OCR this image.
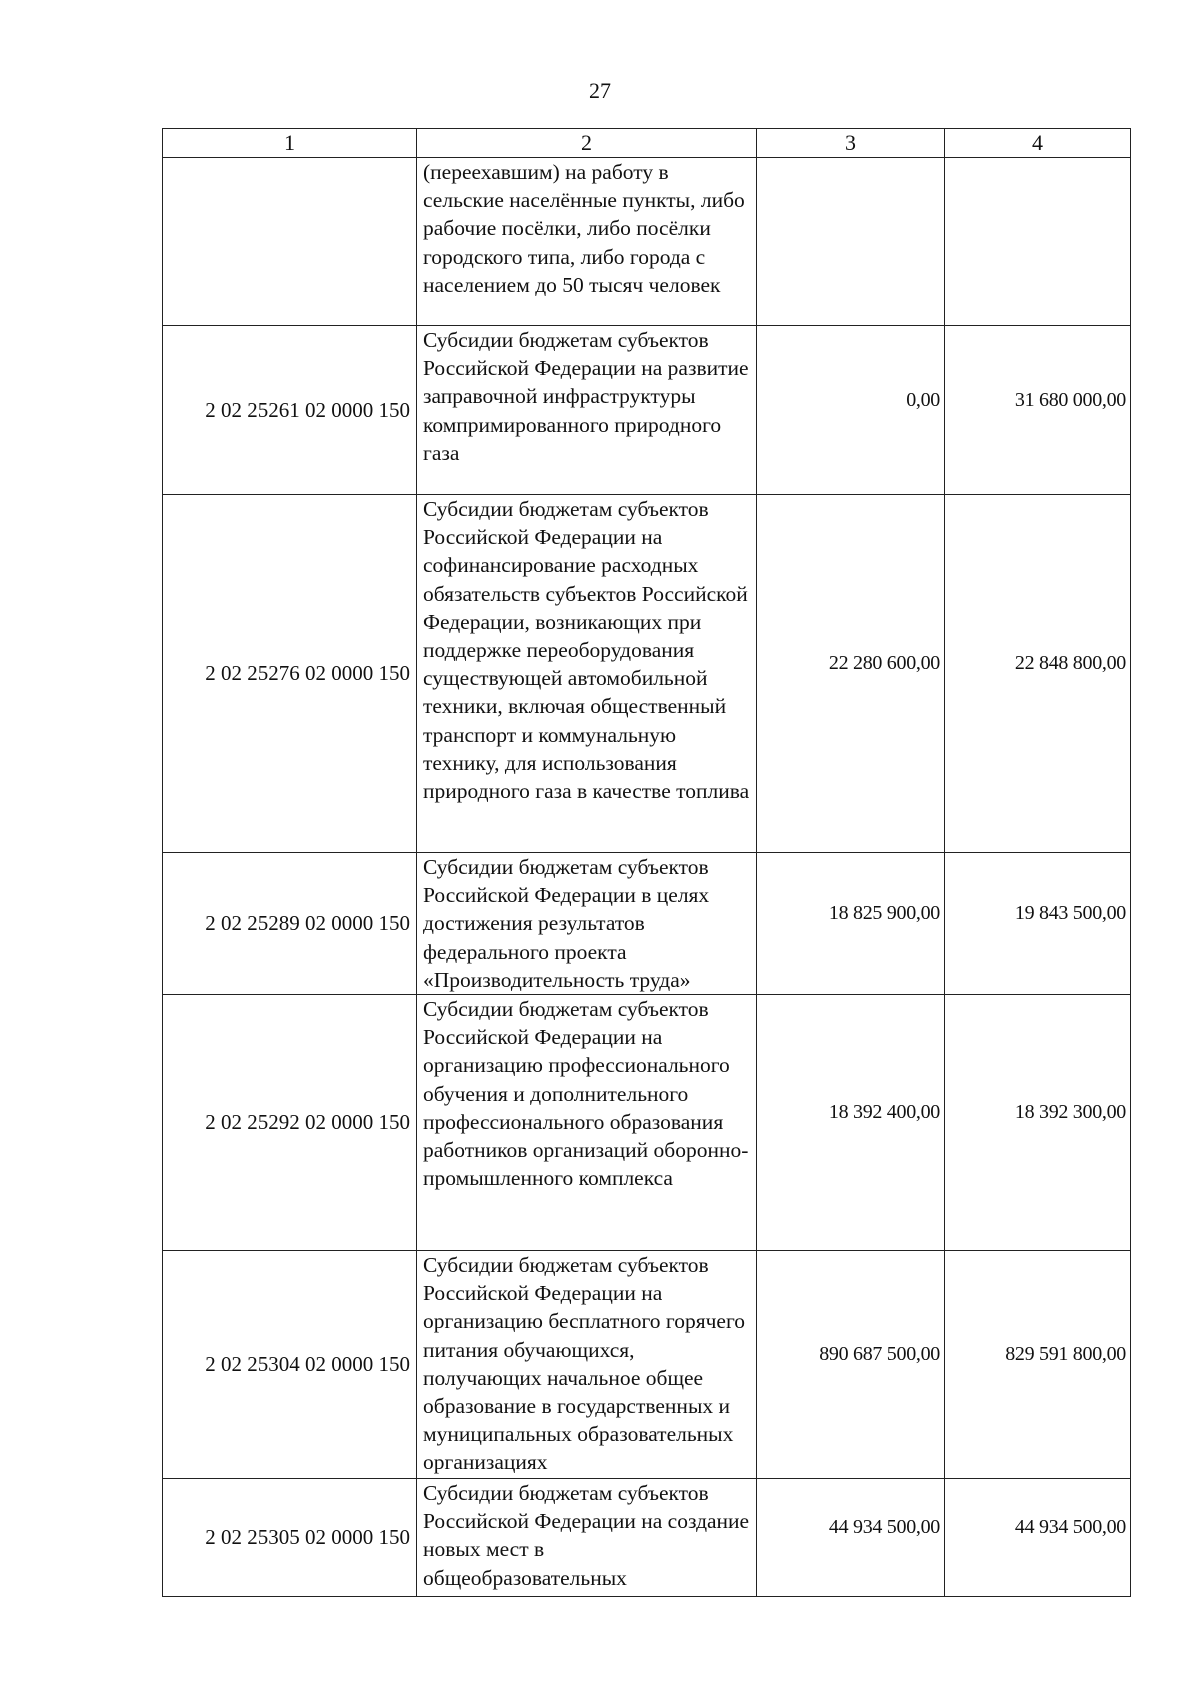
27
1	2	3	4
	(переехавшим) на работу в сельские населённые пункты, либо рабочие посёлки, либо посёлки городского типа, либо города с населением до 50 тысяч человек		
2 02 25261 02 0000 150	Субсидии бюджетам субъектов Российской Федерации на развитие заправочной инфраструктуры компримированного природного газа	0,00	31 680 000,00
2 02 25276 02 0000 150	Субсидии бюджетам субъектов Российской Федерации на софинансирование расходных обязательств субъектов Российской Федерации, возникающих при поддержке переоборудования существующей автомобильной техники, включая общественный транспорт и коммунальную технику, для использования природного газа в качестве топлива	22 280 600,00	22 848 800,00
2 02 25289 02 0000 150	Субсидии бюджетам субъектов Российской Федерации в целях достижения результатов федерального проекта «Производительность труда»	18 825 900,00	19 843 500,00
2 02 25292 02 0000 150	Субсидии бюджетам субъектов Российской Федерации на организацию профессионального обучения и дополнительного профессионального образования работников организаций оборонно-промышленного комплекса	18 392 400,00	18 392 300,00
2 02 25304 02 0000 150	Субсидии бюджетам субъектов Российской Федерации на организацию бесплатного горячего питания обучающихся, получающих начальное общее образование в государственных и муниципальных образовательных организациях	890 687 500,00	829 591 800,00
2 02 25305 02 0000 150	Субсидии бюджетам субъектов Российской Федерации на создание новых мест в общеобразовательных	44 934 500,00	44 934 500,00
